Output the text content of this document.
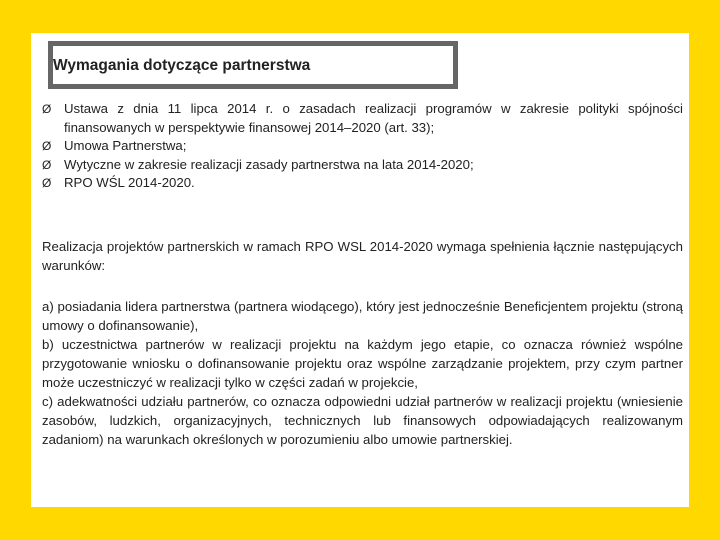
Wymagania dotyczące partnerstwa
Ø Ustawa z dnia 11 lipca 2014 r. o zasadach realizacji programów w zakresie polityki spójności finansowanych w perspektywie finansowej 2014–2020 (art. 33);
Ø Umowa Partnerstwa;
Ø Wytyczne w zakresie realizacji zasady partnerstwa na lata 2014-2020;
Ø RPO WŚL 2014-2020.
Realizacja projektów partnerskich w ramach RPO WSL 2014-2020 wymaga spełnienia łącznie następujących warunków:

a) posiadania lidera partnerstwa (partnera wiodącego), który jest jednocześnie Beneficjentem projektu (stroną umowy o dofinansowanie),

b) uczestnictwa partnerów w realizacji projektu na każdym jego etapie, co oznacza również wspólne przygotowanie wniosku o dofinansowanie projektu oraz wspólne zarządzanie projektem, przy czym partner może uczestniczyć w realizacji tylko w części zadań w projekcie,

c) adekwatności udziału partnerów, co oznacza odpowiedni udział partnerów w realizacji projektu (wniesienie zasobów, ludzkich, organizacyjnych, technicznych lub finansowych odpowiadających realizowanym zadaniom) na warunkach określonych w porozumieniu albo umowie partnerskiej.
